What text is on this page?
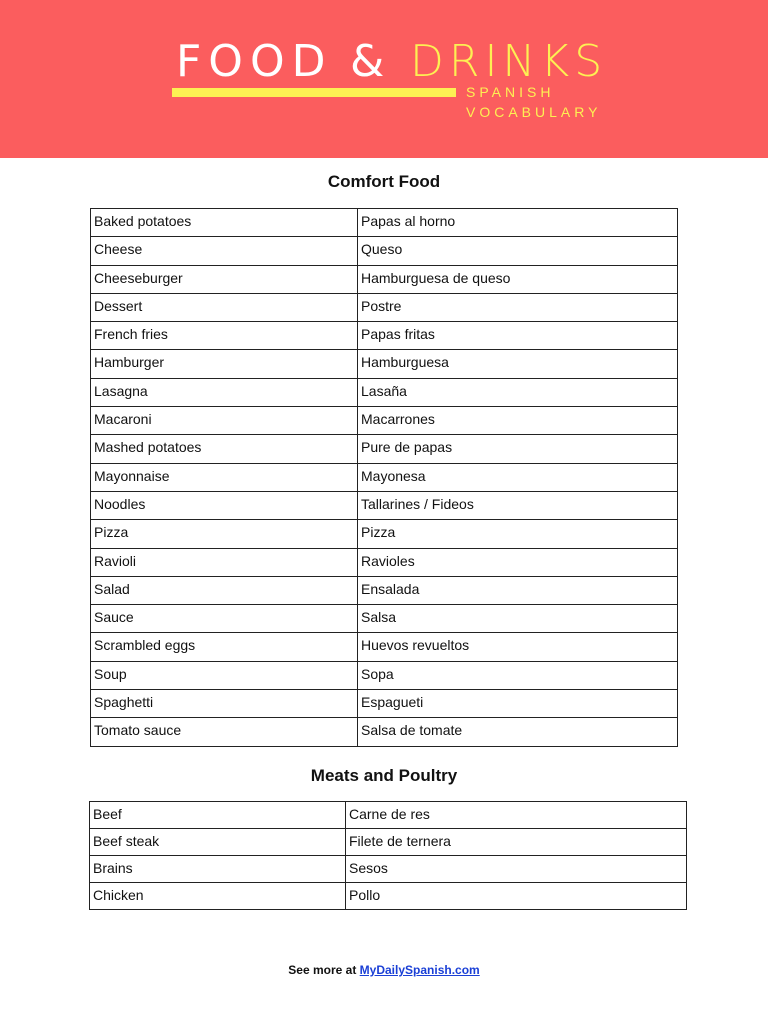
FOOD & DRINKS
SPANISH
VOCABULARY
Comfort Food
Baked potatoes	Papas al horno
Cheese	Queso
Cheeseburger	Hamburguesa de queso
Dessert	Postre
French fries	Papas fritas
Hamburger	Hamburguesa
Lasagna	Lasaña
Macaroni	Macarrones
Mashed potatoes	Pure de papas
Mayonnaise	Mayonesa
Noodles	Tallarines / Fideos
Pizza	Pizza
Ravioli	Ravioles
Salad	Ensalada
Sauce	Salsa
Scrambled eggs	Huevos revueltos
Soup	Sopa
Spaghetti	Espagueti
Tomato sauce	Salsa de tomate
Meats and Poultry
Beef	Carne de res
Beef steak	Filete de ternera
Brains	Sesos
Chicken	Pollo
See more at MyDailySpanish.com
